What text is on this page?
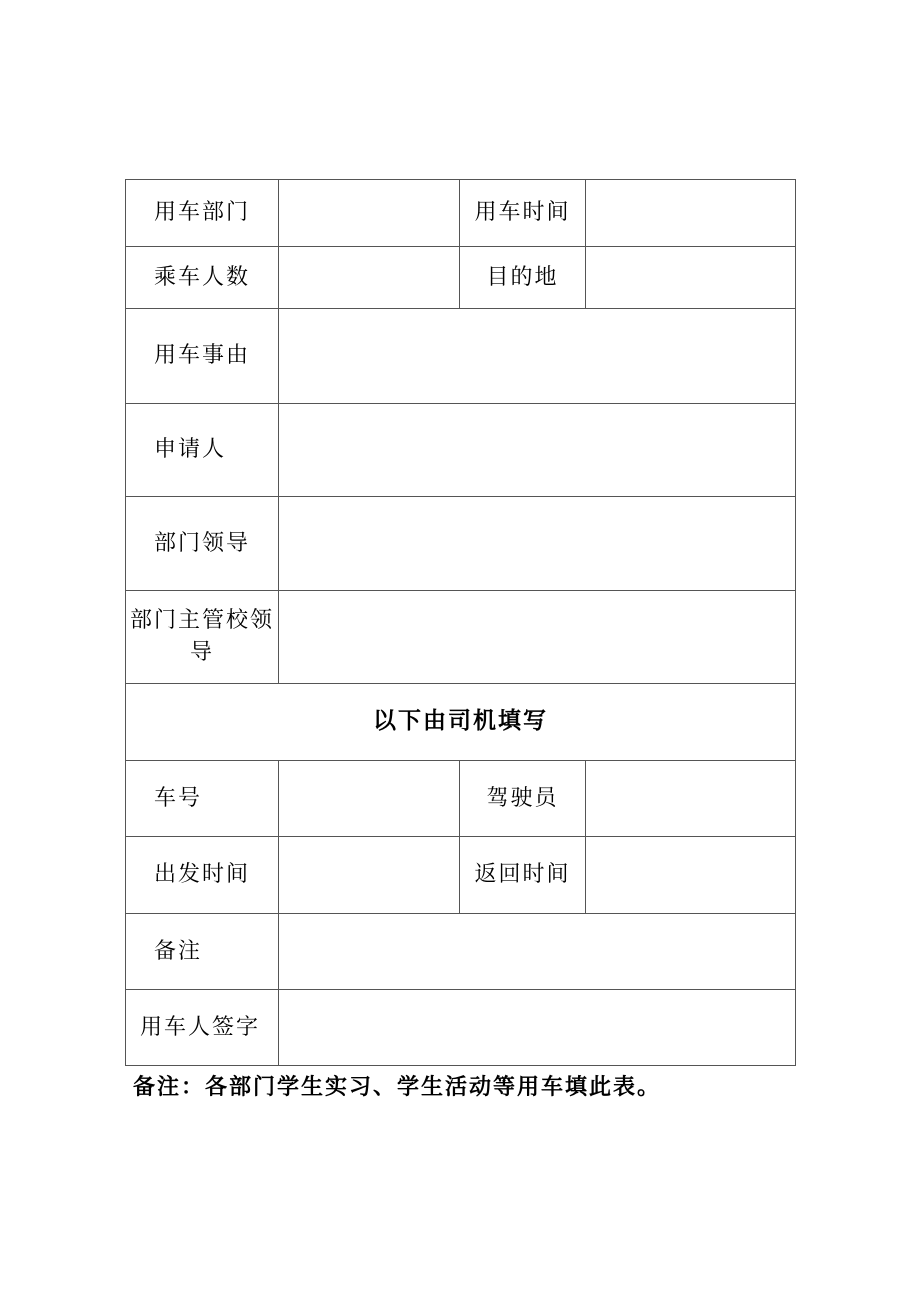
用车部门		用车时间	
乘车人数		目的地	
用车事由			
申请人			
部门领导			
部门主管校领导			
以下由司机填写			
车号		驾驶员	
出发时间		返回时间	
备注			
用车人签字			

备注：各部门学生实习、学生活动等用车填此表。
